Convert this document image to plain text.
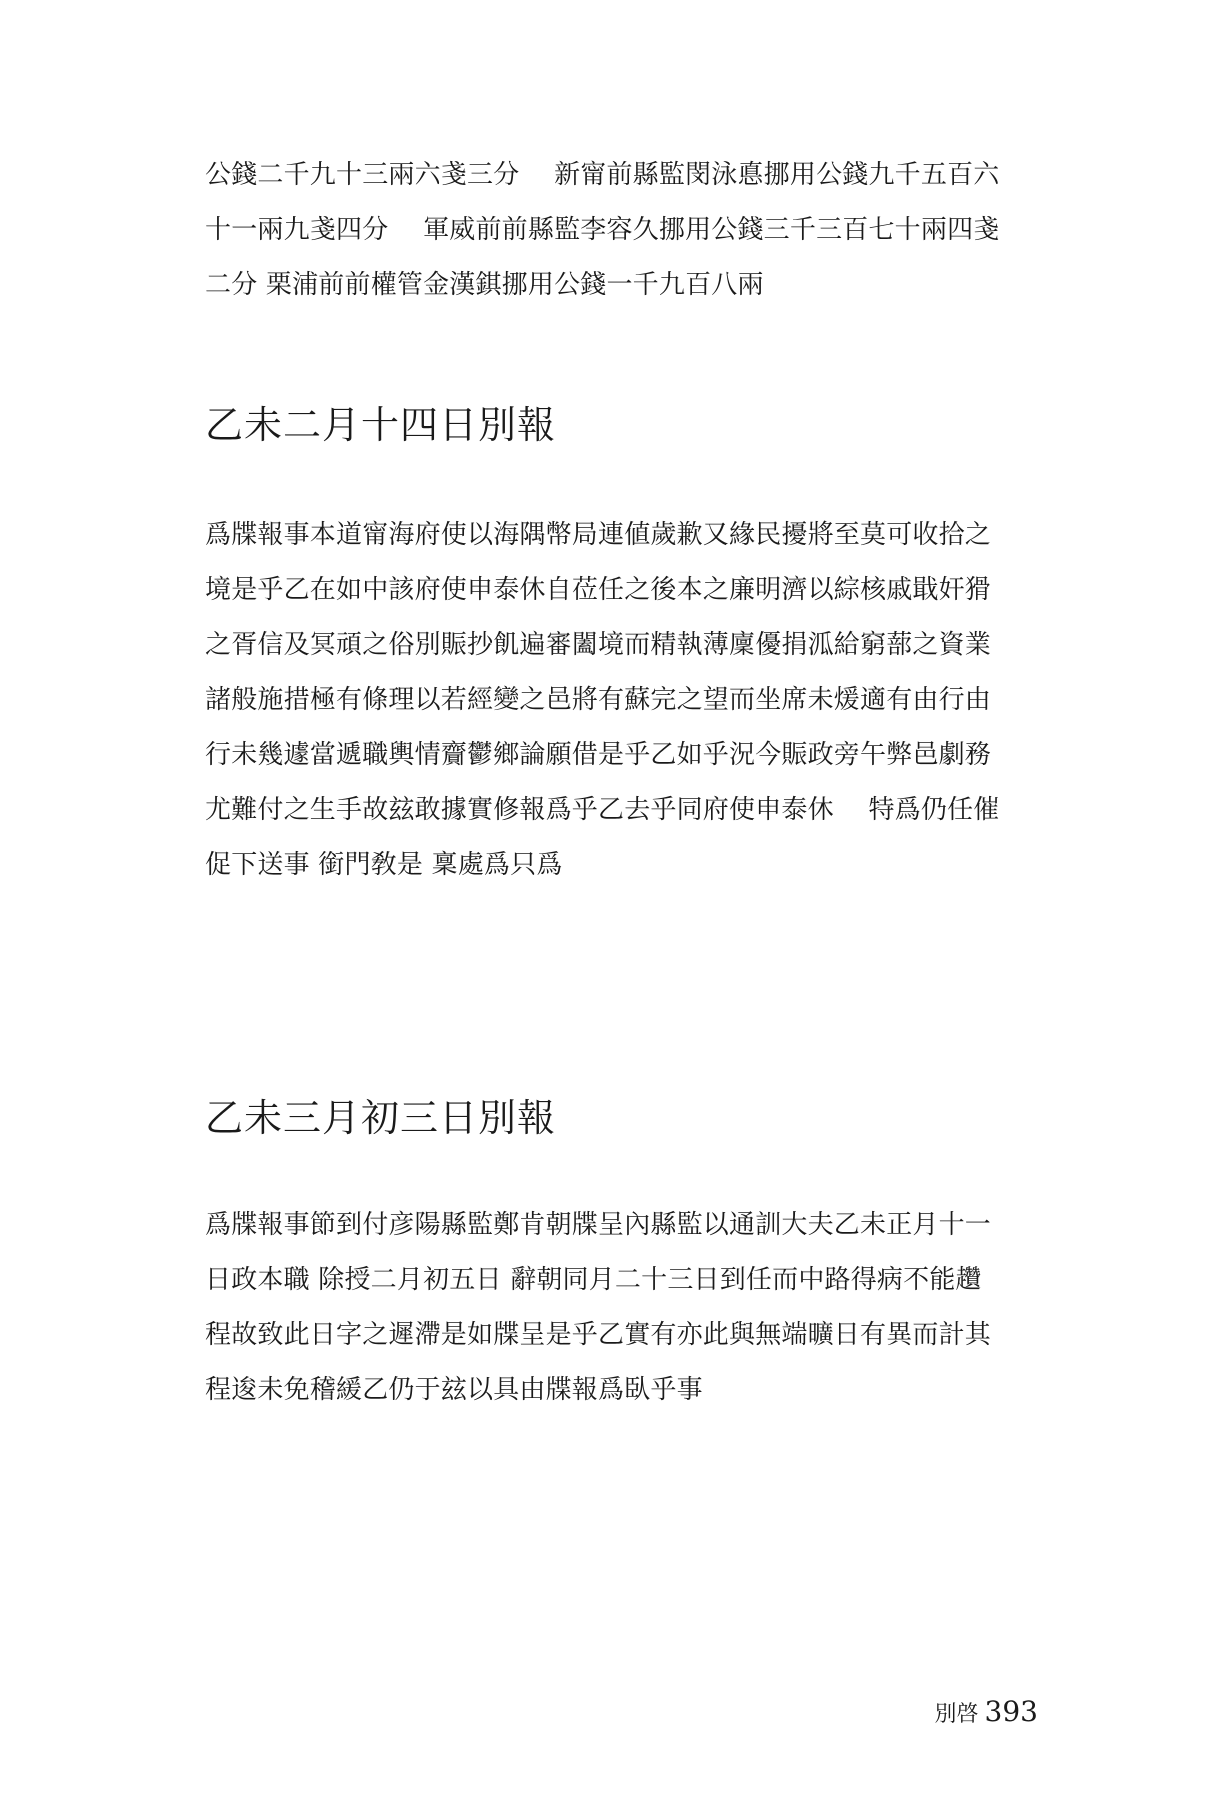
公錢二千九十三兩六戔三分　 新甯前縣監閔泳悳挪用公錢九千五百六
十一兩九戔四分　 軍威前前縣監李容久挪用公錢三千三百七十兩四戔
二分 栗浦前前權管金漢錤挪用公錢一千九百八兩
乙未二月十四日別報
爲牒報事本道甯海府使以海隅幣局連値歲歉又緣民擾將至莫可收拾之
境是乎乙在如中該府使申泰休自莅任之後本之廉明濟以綜核戚戢奸猾
之胥信及冥頑之俗別賑抄飢遍審闔境而精執薄廩優捐泒給窮蔀之資業
諸般施措極有條理以若經變之邑將有蘇完之望而坐席未煖適有由行由
行未幾遽當遞職輿情齎鬱鄉論願借是乎乙如乎況今賑政旁午弊邑劇務
尤難付之生手故玆敢據實修報爲乎乙去乎同府使申泰休　 特爲仍任催
促下送事 銜門敎是 稟處爲只爲
乙未三月初三日別報
爲牒報事節到付彦陽縣監鄭肯朝牒呈內縣監以通訓大夫乙未正月十一
日政本職 除授二月初五日 辭朝同月二十三日到任而中路得病不能趲
程故致此日字之遲滯是如牒呈是乎乙實有亦此與無端曠日有異而計其
程逡未免稽緩乙仍于玆以具由牒報爲臥乎事
別啓 393
